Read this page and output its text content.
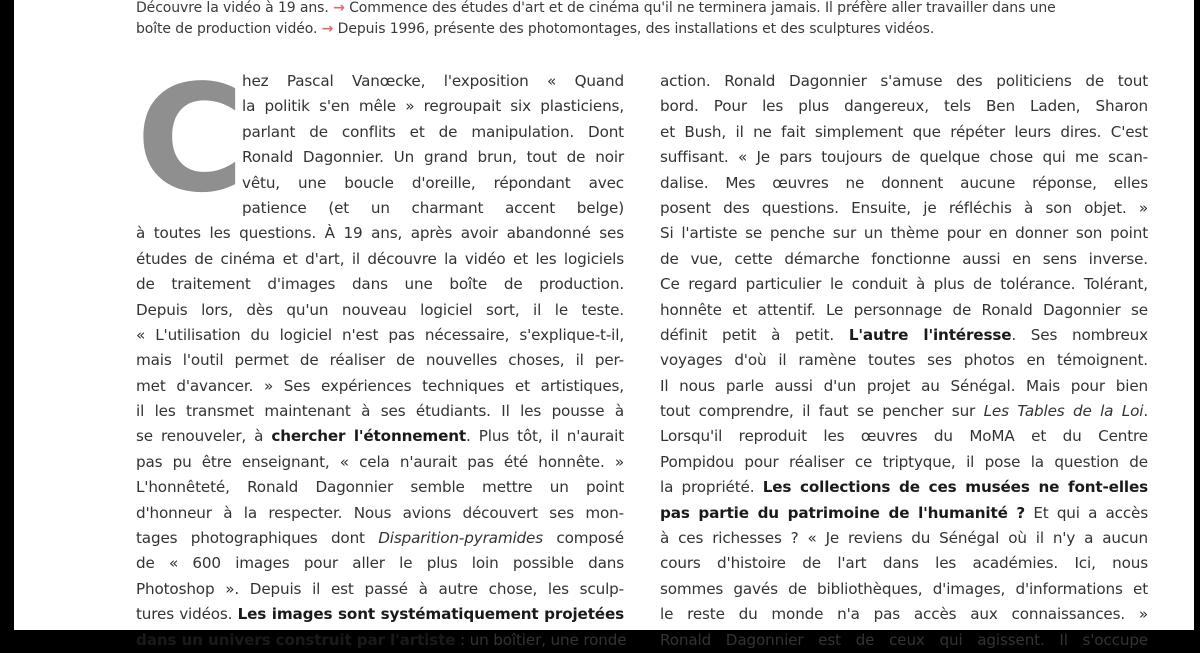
Découvre la vidéo à 19 ans. → Commence des études d'art et de cinéma qu'il ne terminera jamais. Il préfère aller travailler dans une boîte de production vidéo. → Depuis 1996, présente des photomontages, des installations et des sculptures vidéos.
C hez Pascal Vanœcke, l'exposition « Quand
la politik s'en mêle » regroupait six plasticiens,
parlant de conflits et de manipulation. Dont
Ronald Dagonnier. Un grand brun, tout de noir
vêtu, une boucle d'oreille, répondant avec
patience (et un charmant accent belge)
à toutes les questions. À 19 ans, après avoir abandonné ses
études de cinéma et d'art, il découvre la vidéo et les logiciels
de traitement d'images dans une boîte de production.
Depuis lors, dès qu'un nouveau logiciel sort, il le teste.
« L'utilisation du logiciel n'est pas nécessaire, s'explique-t-il,
mais l'outil permet de réaliser de nouvelles choses, il per-
met d'avancer. » Ses expériences techniques et artistiques,
il les transmet maintenant à ses étudiants. Il les pousse à
se renouveler, à chercher l'étonnement. Plus tôt, il n'aurait
pas pu être enseignant, « cela n'aurait pas été honnête. »
L'honnêteté, Ronald Dagonnier semble mettre un point
d'honneur à la respecter. Nous avions découvert ses mon-
tages photographiques dont Disparition-pyramides composé
de « 600 images pour aller le plus loin possible dans
Photoshop ». Depuis il est passé à autre chose, les sculp-
tures vidéos. Les images sont systématiquement projetées
dans un univers construit par l'artiste : un boîtier, une ronde
action. Ronald Dagonnier s'amuse des politiciens de tout
bord. Pour les plus dangereux, tels Ben Laden, Sharon
et Bush, il ne fait simplement que répéter leurs dires. C'est
suffisant. « Je pars toujours de quelque chose qui me scan-
dalise. Mes œuvres ne donnent aucune réponse, elles
posent des questions. Ensuite, je réfléchis à son objet. »
Si l'artiste se penche sur un thème pour en donner son point
de vue, cette démarche fonctionne aussi en sens inverse.
Ce regard particulier le conduit à plus de tolérance. Tolérant,
honnête et attentif. Le personnage de Ronald Dagonnier se
définit petit à petit. L'autre l'intéresse. Ses nombreux
voyages d'où il ramène toutes ses photos en témoignent.
Il nous parle aussi d'un projet au Sénégal. Mais pour bien
tout comprendre, il faut se pencher sur Les Tables de la Loi.
Lorsqu'il reproduit les œuvres du MoMA et du Centre
Pompidou pour réaliser ce triptyque, il pose la question de
la propriété. Les collections de ces musées ne font-elles
pas partie du patrimoine de l'humanité ? Et qui a accès
à ces richesses ? « Je reviens du Sénégal où il n'y a aucun
cours d'histoire de l'art dans les académies. Ici, nous
sommes gavés de bibliothèques, d'images, d'informations et
le reste du monde n'a pas accès aux connaissances. »
Ronald Dagonnier est de ceux qui agissent. Il s'occupe
